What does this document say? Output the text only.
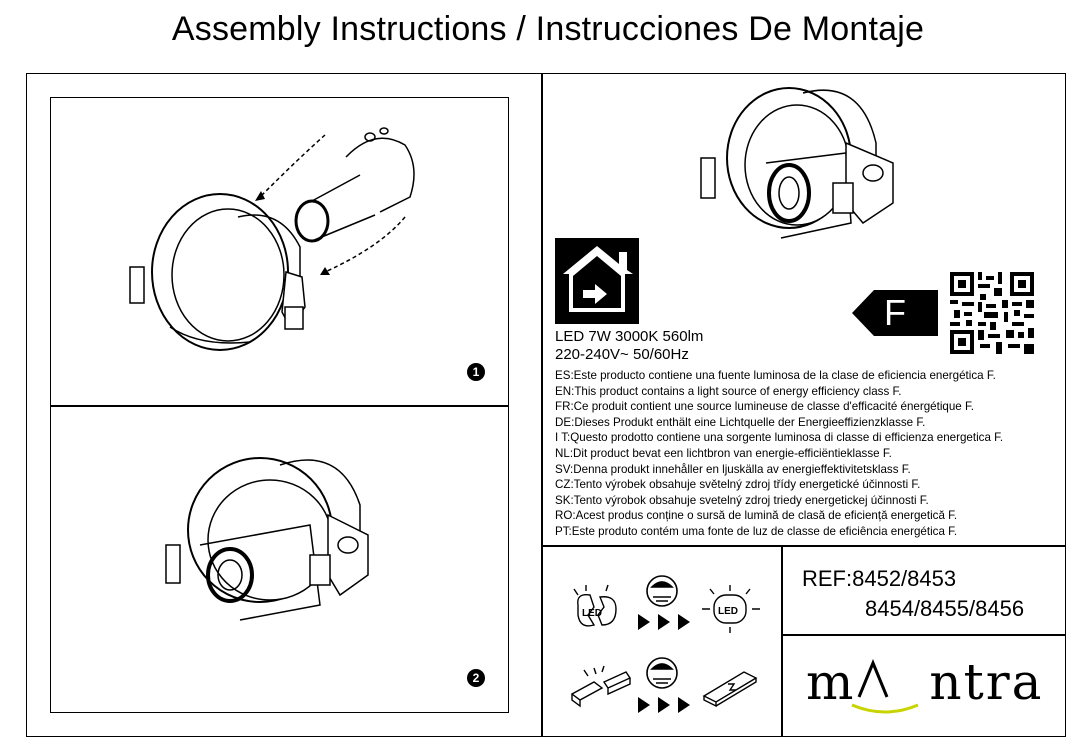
Assembly Instructions / Instrucciones De Montaje
1
2
LED 7W 3000K 560lm
220-240V~ 50/60Hz
F
ES:Este producto contiene una fuente luminosa de la clase de eficiencia energética F.
EN:This product contains a light source of energy efficiency class F.
FR:Ce produit contient une source lumineuse de classe d'efficacité énergétique F.
DE:Dieses Produkt enthält eine Lichtquelle der Energieeffizienzklasse F.
I T:Questo prodotto contiene una sorgente luminosa di classe di efficienza energetica F.
NL:Dit product bevat een lichtbron van energie-efficiëntieklasse F.
SV:Denna produkt innehåller en ljuskälla av energieffektivitetsklass F.
CZ:Tento výrobek obsahuje světelný zdroj třídy energetické účinnosti F.
SK:Tento výrobok obsahuje svetelný zdroj triedy energetickej účinnosti F.
RO:Acest produs conține o sursă de lumină de clasă de eficiență energetică F.
PT:Este produto contém uma fonte de luz de classe de eficiência energética F.
LED	LED
REF:8452/8453
8454/8455/8456
m ntra
